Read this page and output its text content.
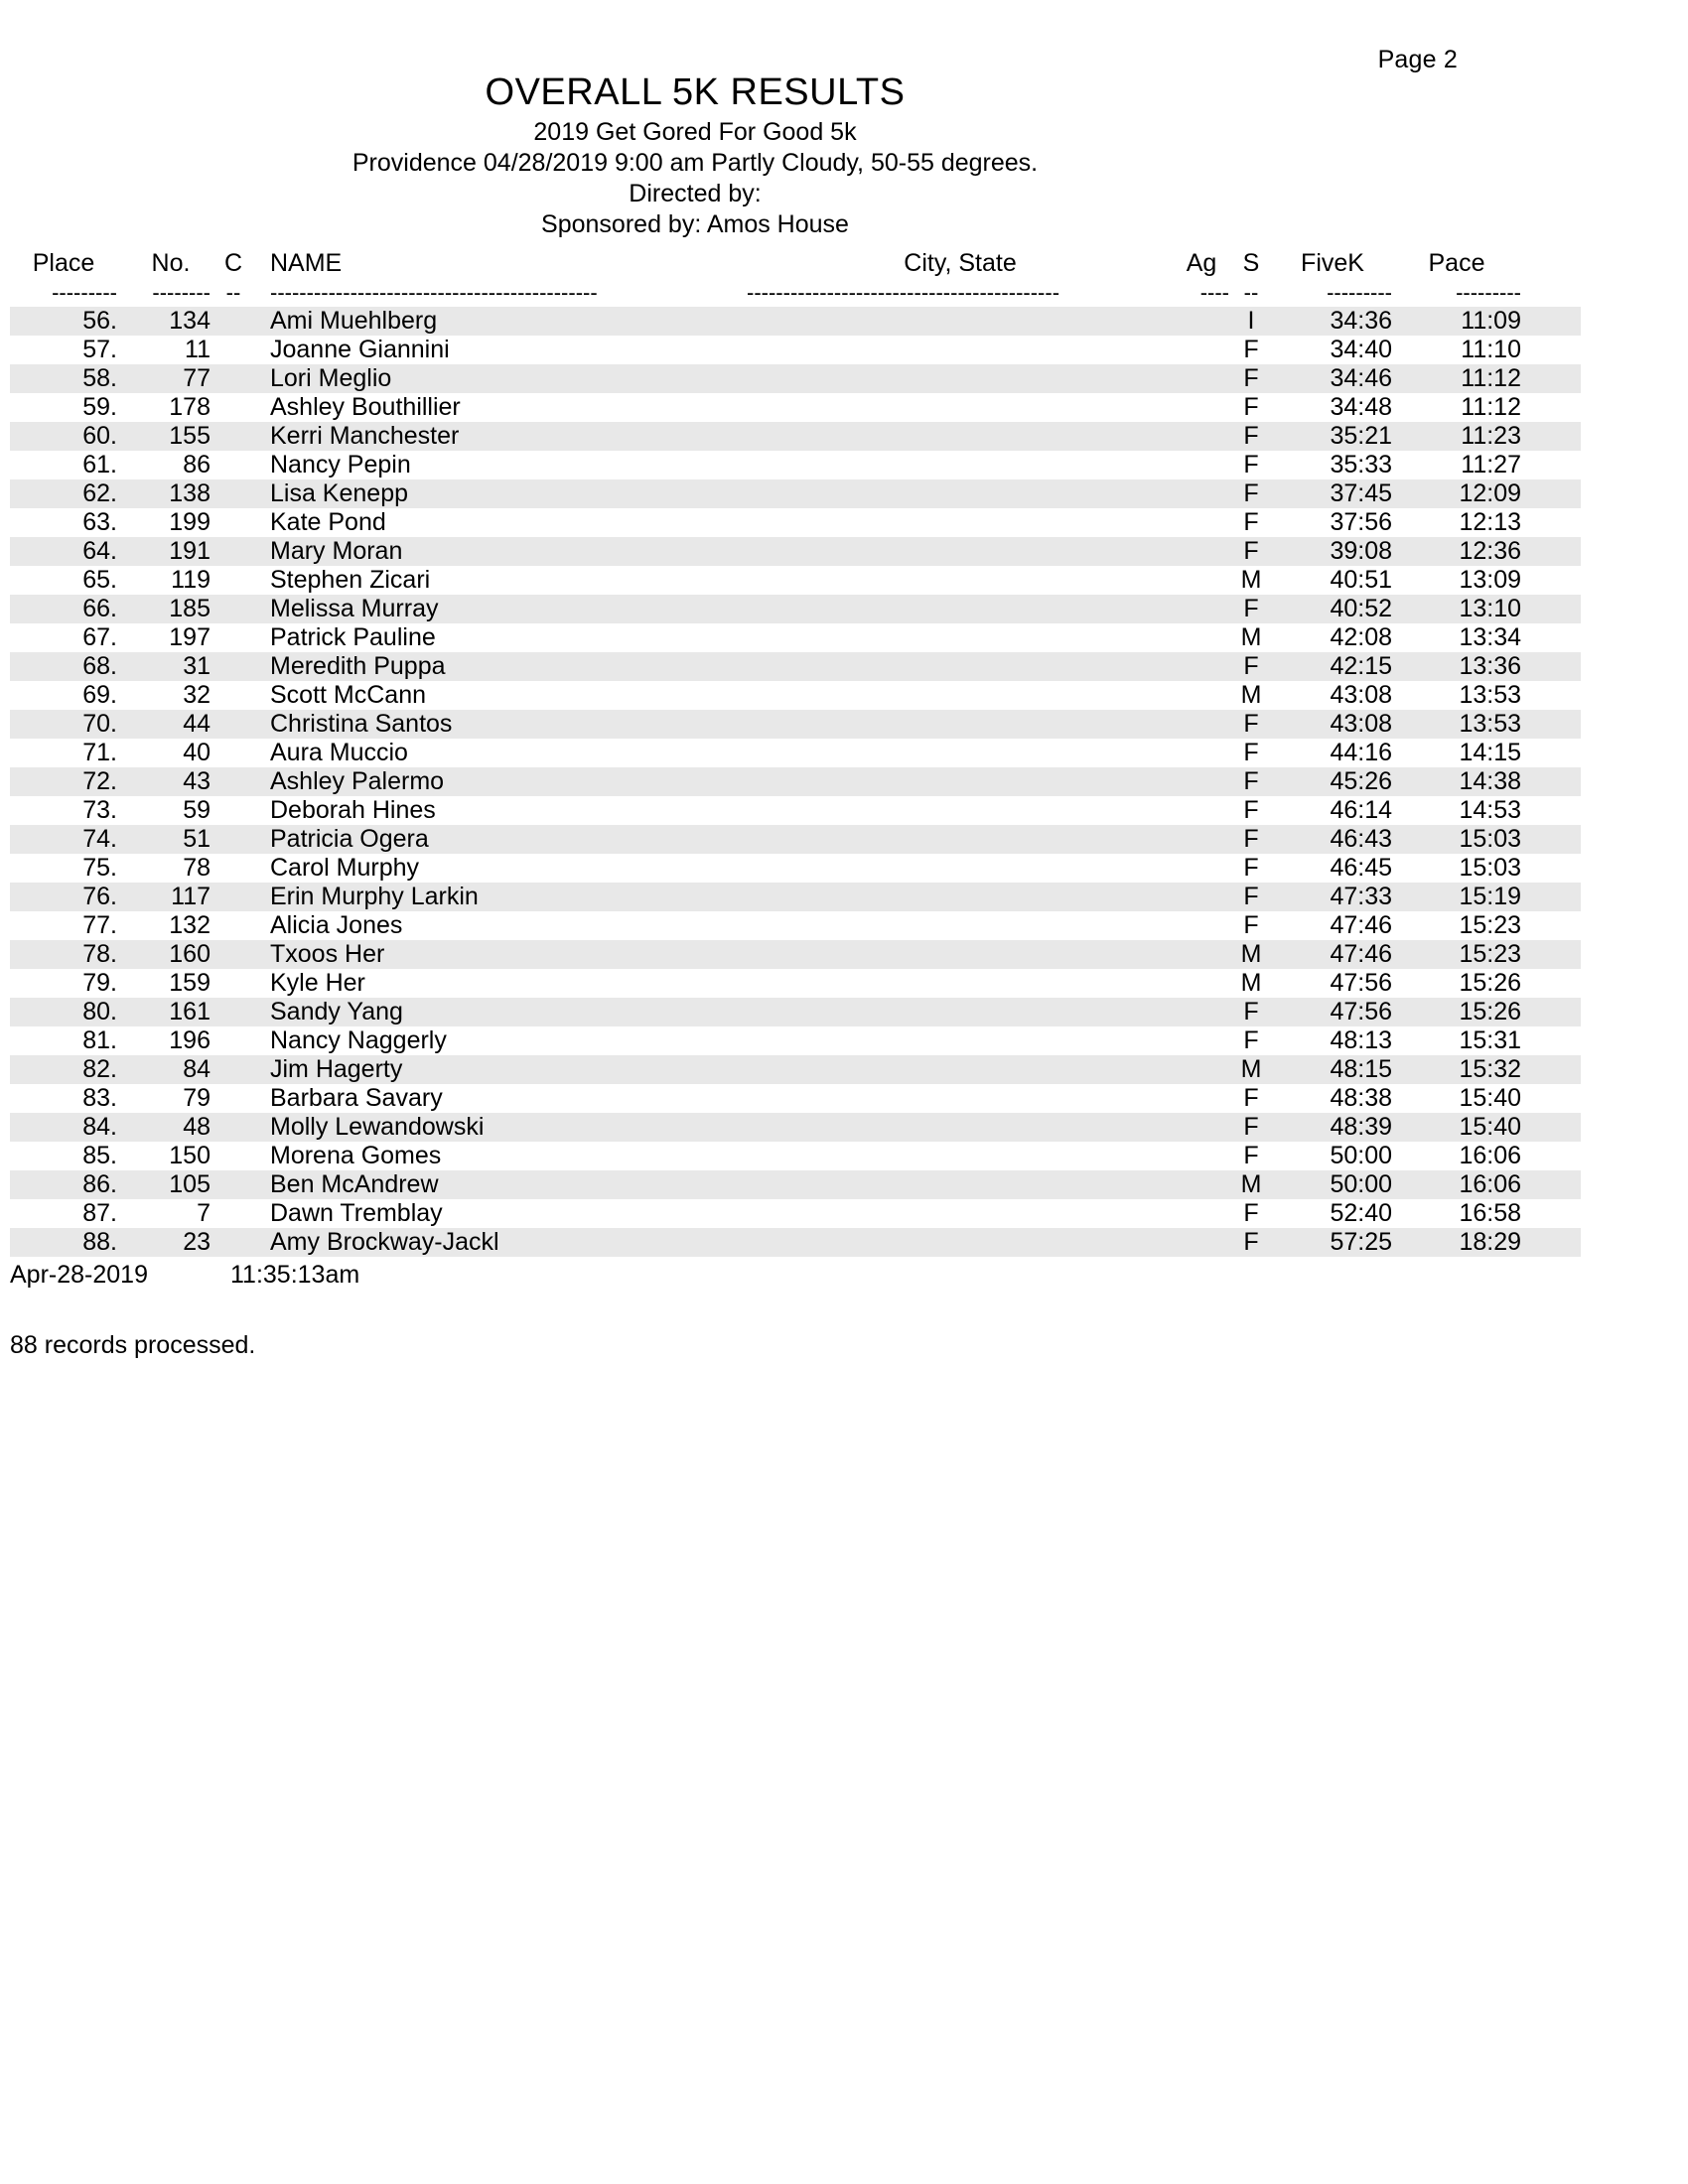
Page 2
OVERALL 5K RESULTS
2019 Get Gored For Good 5k
Providence 04/28/2019 9:00 am Partly Cloudy, 50-55 degrees.
Directed by:
Sponsored by: Amos House
Place	No.	C	NAME	City, State	Ag	S	FiveK	Pace	
---------	--------	--	---------------------------------------------	-------------------------------------------	----	--	---------	---------	
56.	134		Ami Muehlberg			I	34:36	11:09	
57.	11		Joanne Giannini			F	34:40	11:10	
58.	77		Lori Meglio			F	34:46	11:12	
59.	178		Ashley Bouthillier			F	34:48	11:12	
60.	155		Kerri Manchester			F	35:21	11:23	
61.	86		Nancy Pepin			F	35:33	11:27	
62.	138		Lisa Kenepp			F	37:45	12:09	
63.	199		Kate Pond			F	37:56	12:13	
64.	191		Mary Moran			F	39:08	12:36	
65.	119		Stephen Zicari			M	40:51	13:09	
66.	185		Melissa Murray			F	40:52	13:10	
67.	197		Patrick Pauline			M	42:08	13:34	
68.	31		Meredith Puppa			F	42:15	13:36	
69.	32		Scott McCann			M	43:08	13:53	
70.	44		Christina Santos			F	43:08	13:53	
71.	40		Aura Muccio			F	44:16	14:15	
72.	43		Ashley Palermo			F	45:26	14:38	
73.	59		Deborah Hines			F	46:14	14:53	
74.	51		Patricia Ogera			F	46:43	15:03	
75.	78		Carol Murphy			F	46:45	15:03	
76.	117		Erin Murphy Larkin			F	47:33	15:19	
77.	132		Alicia Jones			F	47:46	15:23	
78.	160		Txoos Her			M	47:46	15:23	
79.	159		Kyle Her			M	47:56	15:26	
80.	161		Sandy Yang			F	47:56	15:26	
81.	196		Nancy Naggerly			F	48:13	15:31	
82.	84		Jim Hagerty			M	48:15	15:32	
83.	79		Barbara Savary			F	48:38	15:40	
84.	48		Molly Lewandowski			F	48:39	15:40	
85.	150		Morena Gomes			F	50:00	16:06	
86.	105		Ben McAndrew			M	50:00	16:06	
87.	7		Dawn Tremblay			F	52:40	16:58	
88.	23		Amy Brockway-Jackl			F	57:25	18:29	
Apr-28-2019	11:35:13am
88 records processed.
